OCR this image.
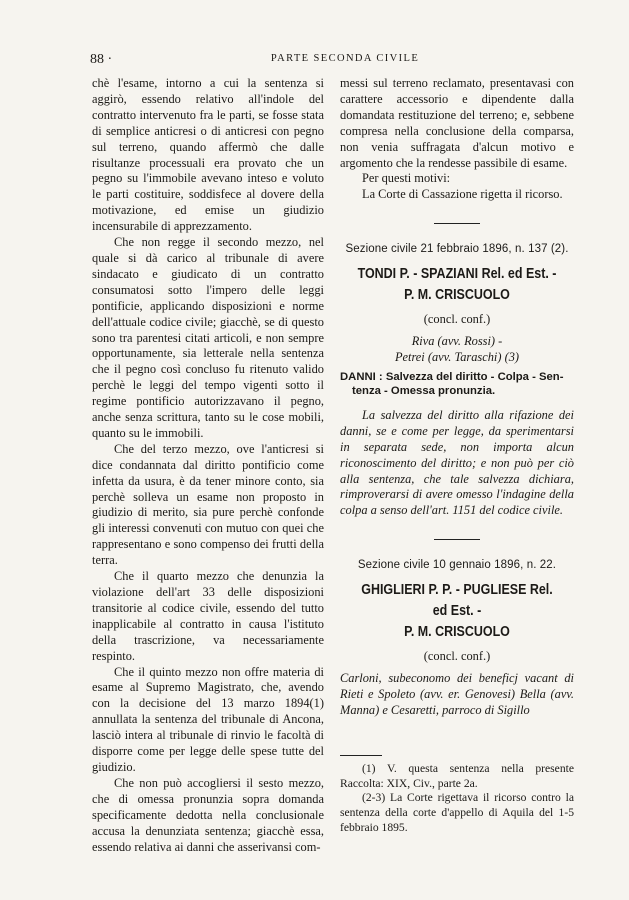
88 ·	PARTE SECONDA CIVILE

chè l'esame, intorno a cui la sentenza si aggirò, essendo relativo all'indole del contratto intervenuto fra le parti, se fosse stata di semplice anticresi o di anticresi con pegno sul terreno, quando affermò che dalle risultanze processuali era provato che un pegno su l'immobile avevano inteso e voluto le parti costituire, soddisfece al dovere della motivazione, ed emise un giudizio incensurabile di apprezzamento.

Che non regge il secondo mezzo, nel quale si dà carico al tribunale di avere sindacato e giudicato di un contratto consumatosi sotto l'impero delle leggi pontificie, applicando disposizioni e norme dell'attuale codice civile; giacchè, se di questo sono tra parentesi citati articoli, e non sempre opportunamente, sia letterale nella sentenza che il pegno così concluso fu ritenuto valido perchè le leggi del tempo vigenti sotto il regime pontificio autorizzavano il pegno, anche senza scrittura, tanto su le cose mobili, quanto su le immobili.

Che del terzo mezzo, ove l'anticresi si dice condannata dal diritto pontificio come infetta da usura, è da tener minore conto, sia perchè solleva un esame non proposto in giudizio di merito, sia pure perchè confonde gli interessi convenuti con mutuo con quei che rappresentano e sono compenso dei frutti della terra.

Che il quarto mezzo che denunzia la violazione dell'art 33 delle disposizioni transitorie al codice civile, essendo del tutto inapplicabile al contratto in causa l'istituto della trascrizione, va necessariamente respinto.

Che il quinto mezzo non offre materia di esame al Supremo Magistrato, che, avendo con la decisione del 13 marzo 1894(1) annullata la sentenza del tribunale di Ancona, lasciò intera al tribunale di rinvio le facoltà di disporre come per legge delle spese tutte del giudizio.

Che non può accogliersi il sesto mezzo, che di omessa pronunzia sopra domanda specificamente dedotta nella conclusionale accusa la denunziata sentenza; giacchè essa, essendo relativa ai danni che asserivansi com-

messi sul terreno reclamato, presentavasi con carattere accessorio e dipendente dalla domandata restituzione del terreno; e, sebbene compresa nella conclusione della comparsa, non venia suffragata d'alcun motivo e argomento che la rendesse passibile di esame.

Per questi motivi:

La Corte di Cassazione rigetta il ricorso.

Sezione civile 21 febbraio 1896, n. 137 (2).

TONDI P. - SPAZIANI Rel. ed Est. -

P. M. CRISCUOLO

(concl. conf.)

Riva (avv. Rossi) -

Petrei (avv. Taraschi) (3)

DANNI : Salvezza del diritto - Colpa - Sen-
tenza - Omessa pronunzia.

La salvezza del diritto alla rifazione dei danni, se e come per legge, da sperimentarsi in separata sede, non importa alcun riconoscimento del diritto; e non può per ciò alla sentenza, che tale salvezza dichiara, rimproverarsi di avere omesso l'indagine della colpa a senso dell'art. 1151 del codice civile.

Sezione civile 10 gennaio 1896, n. 22.

GHIGLIERI P. P. - PUGLIESE Rel. ed Est. -

P. M. CRISCUOLO

(concl. conf.)

Carloni, subeconomo dei beneficj vacant di Rieti e Spoleto (avv. er. Genovesi) Bella (avv. Manna) e Cesaretti, parroco di Sigillo

(1) V. questa sentenza nella presente Raccolta: XIX, Civ., parte 2a.

(2-3) La Corte rigettava il ricorso contro la sentenza della corte d'appello di Aquila del 1-5 febbraio 1895.
